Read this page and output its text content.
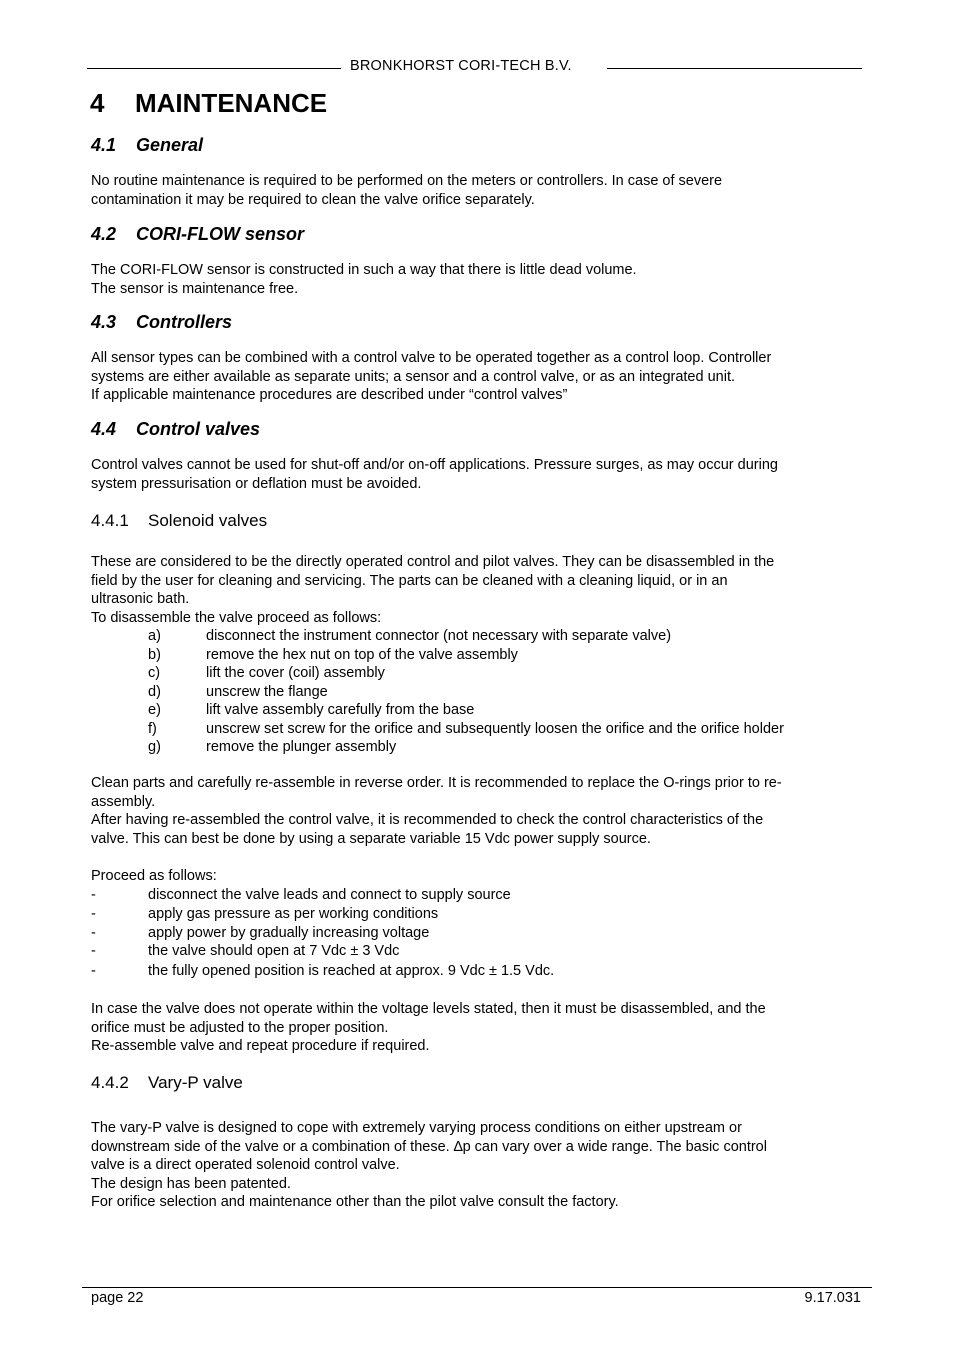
BRONKHORST CORI-TECH B.V.
4 MAINTENANCE
4.1 General
No routine maintenance is required to be performed on the meters or controllers. In case of severe
contamination it may be required to clean the valve orifice separately.
4.2 CORI-FLOW sensor
The CORI-FLOW sensor is constructed in such a way that there is little dead volume.
The sensor is maintenance free.
4.3 Controllers
All sensor types can be combined with a control valve to be operated together as a control loop. Controller
systems are either available as separate units; a sensor and a control valve, or as an integrated unit.
If applicable maintenance procedures are described under “control valves”
4.4 Control valves
Control valves cannot be used for shut-off and/or on-off applications. Pressure surges, as may occur during
system pressurisation or deflation must be avoided.
4.4.1 Solenoid valves
These are considered to be the directly operated control and pilot valves. They can be disassembled in the
field by the user for cleaning and servicing. The parts can be cleaned with a cleaning liquid, or in an
ultrasonic bath.
To disassemble the valve proceed as follows:
a)	disconnect the instrument connector (not necessary with separate valve)
b)	remove the hex nut on top of the valve assembly
c)	lift the cover (coil) assembly
d)	unscrew the flange
e)	lift valve assembly carefully from the base
f)	unscrew set screw for the orifice and subsequently loosen the orifice and the orifice holder
g)	remove the plunger assembly
Clean parts and carefully re-assemble in reverse order. It is recommended to replace the O-rings prior to re-
assembly.
After having re-assembled the control valve, it is recommended to check the control characteristics of the
valve. This can best be done by using a separate variable 15 Vdc power supply source.
Proceed as follows:
-	disconnect the valve leads and connect to supply source
-	apply gas pressure as per working conditions
-	apply power by gradually increasing voltage
-	the valve should open at 7 Vdc ± 3 Vdc
-	the fully opened position is reached at approx. 9 Vdc ± 1.5 Vdc.
In case the valve does not operate within the voltage levels stated, then it must be disassembled, and the
orifice must be adjusted to the proper position.
Re-assemble valve and repeat procedure if required.
4.4.2 Vary-P valve
The vary-P valve is designed to cope with extremely varying process conditions on either upstream or
downstream side of the valve or a combination of these. ∆p can vary over a wide range. The basic control
valve is a direct operated solenoid control valve.
The design has been patented.
For orifice selection and maintenance other than the pilot valve consult the factory.
page 22	9.17.031
